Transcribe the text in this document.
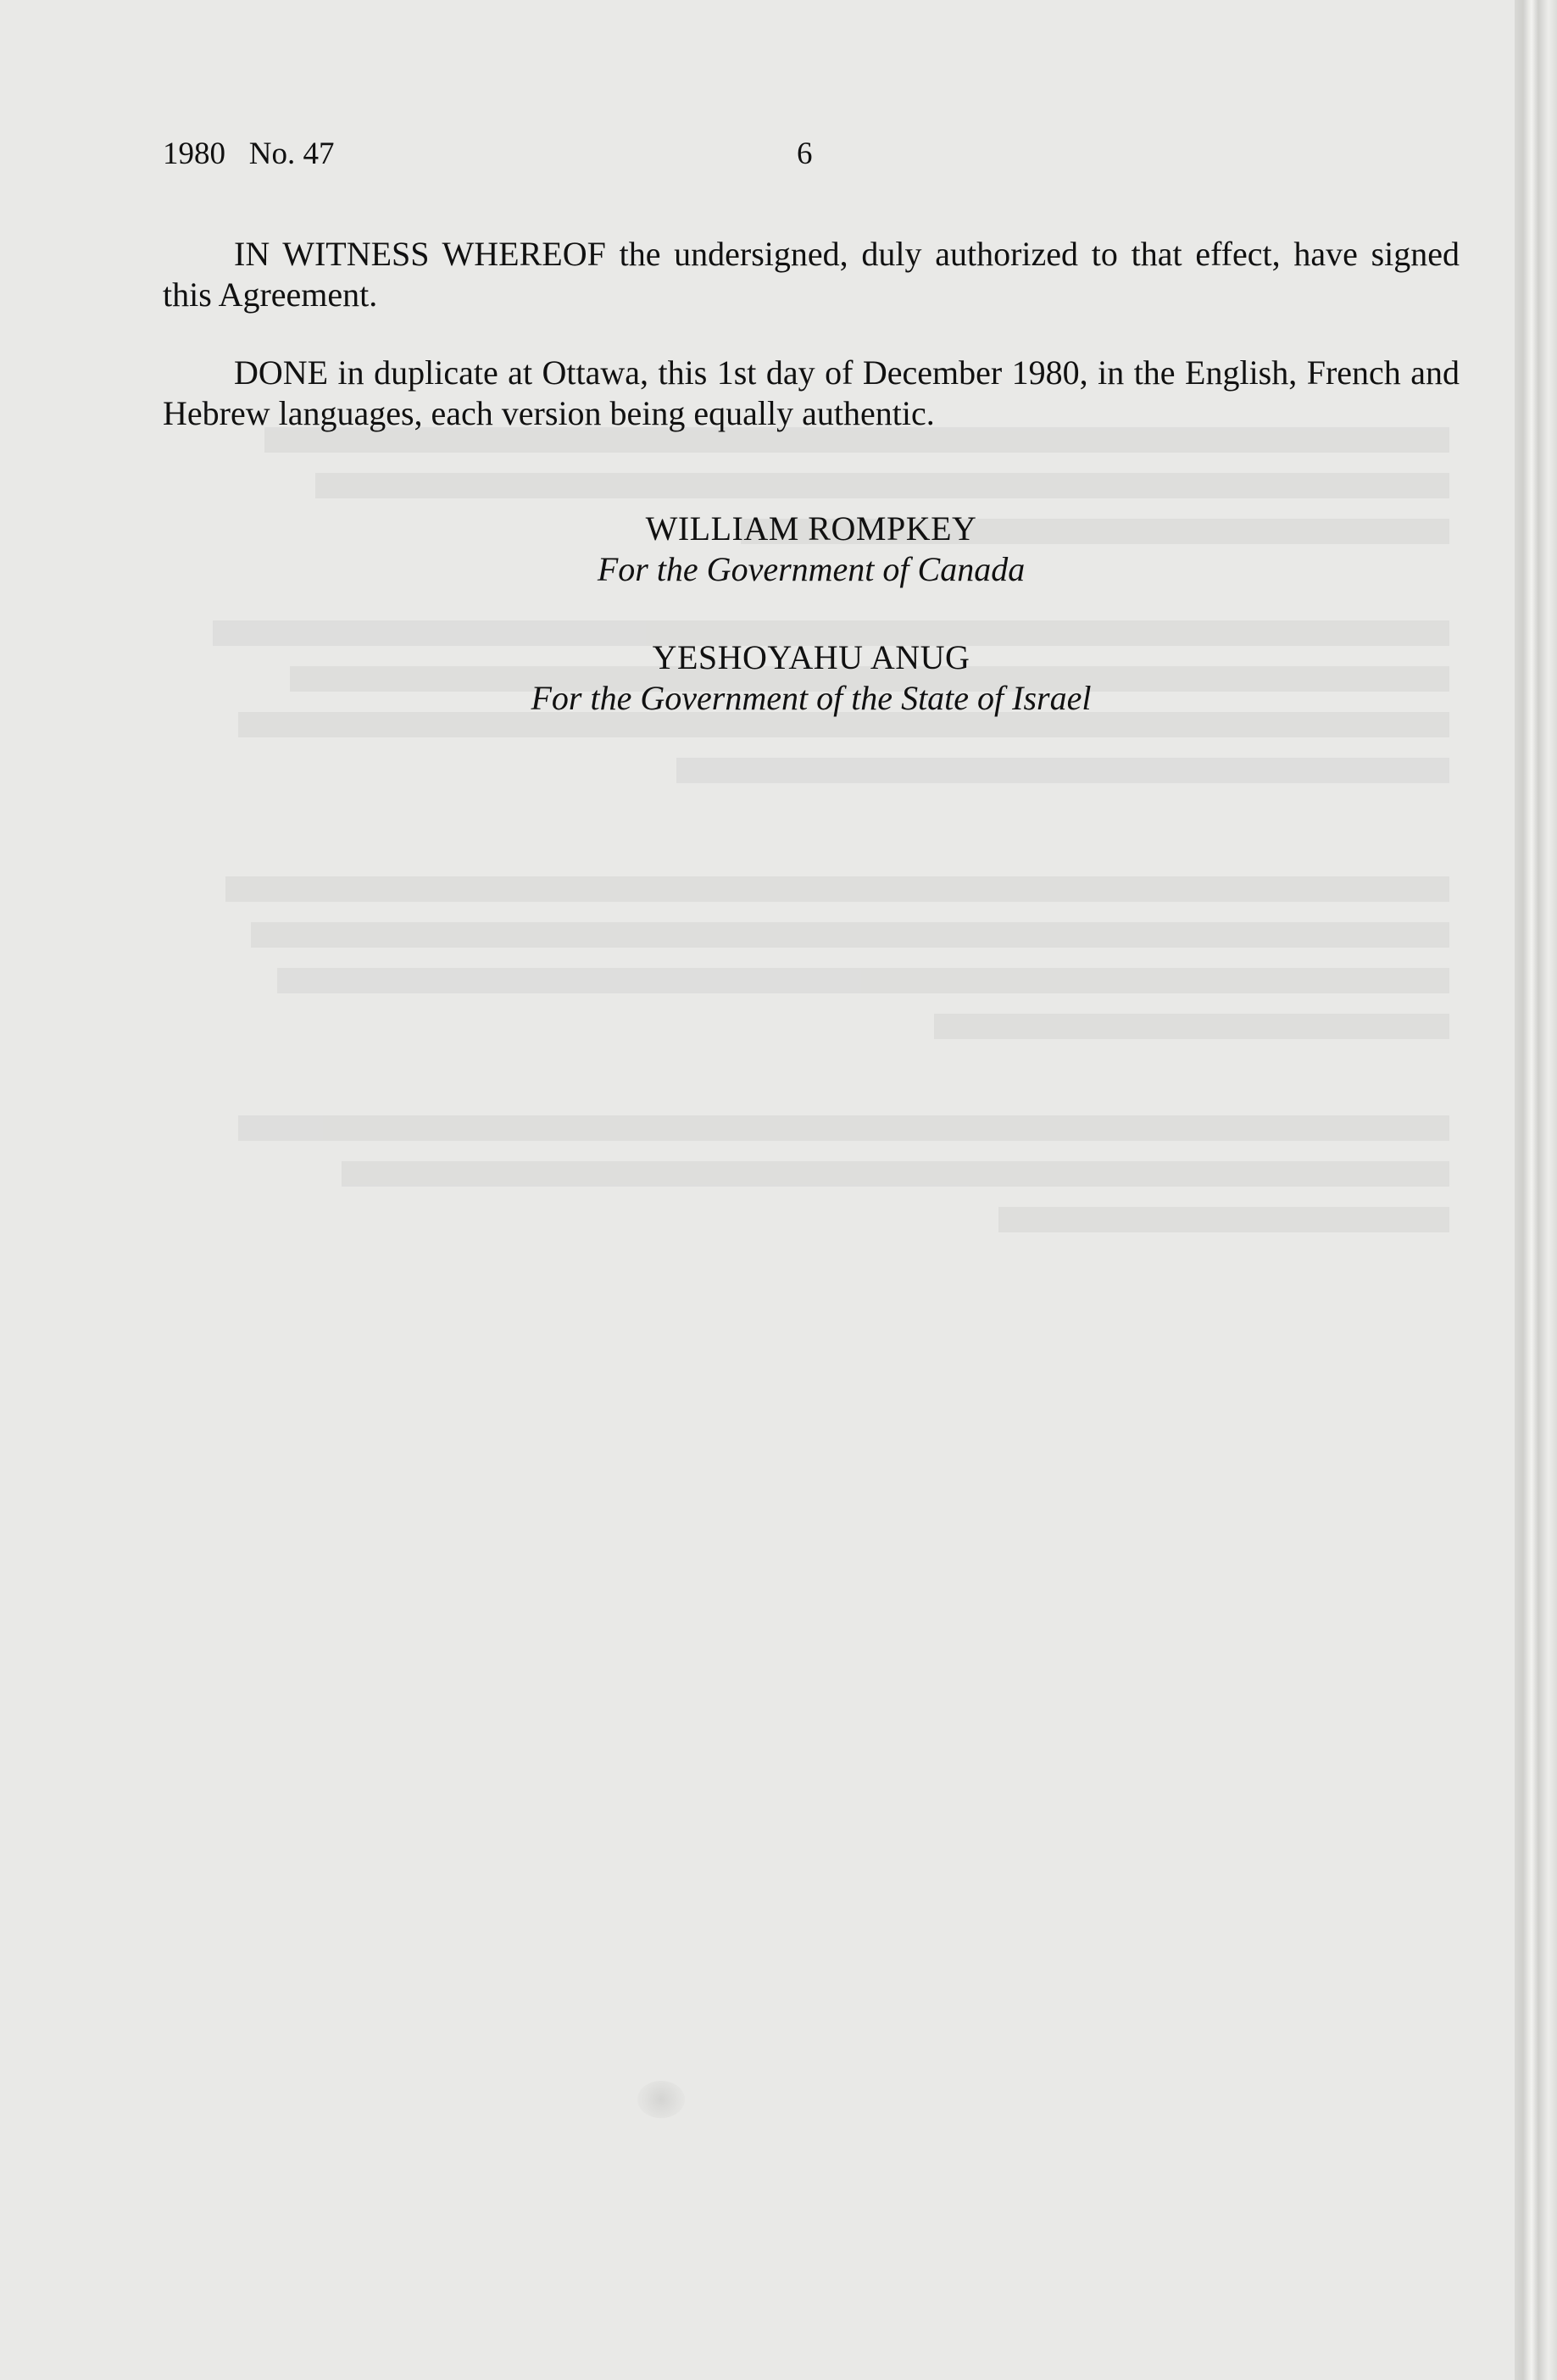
1980   No. 47	6

IN WITNESS WHEREOF the undersigned, duly authorized to that effect, have signed this Agreement.

DONE in duplicate at Ottawa, this 1st day of December 1980, in the English, French and Hebrew languages, each version being equally authentic.

WILLIAM ROMPKEY
For the Government of Canada
YESHOYAHU ANUG
For the Government of the State of Israel
